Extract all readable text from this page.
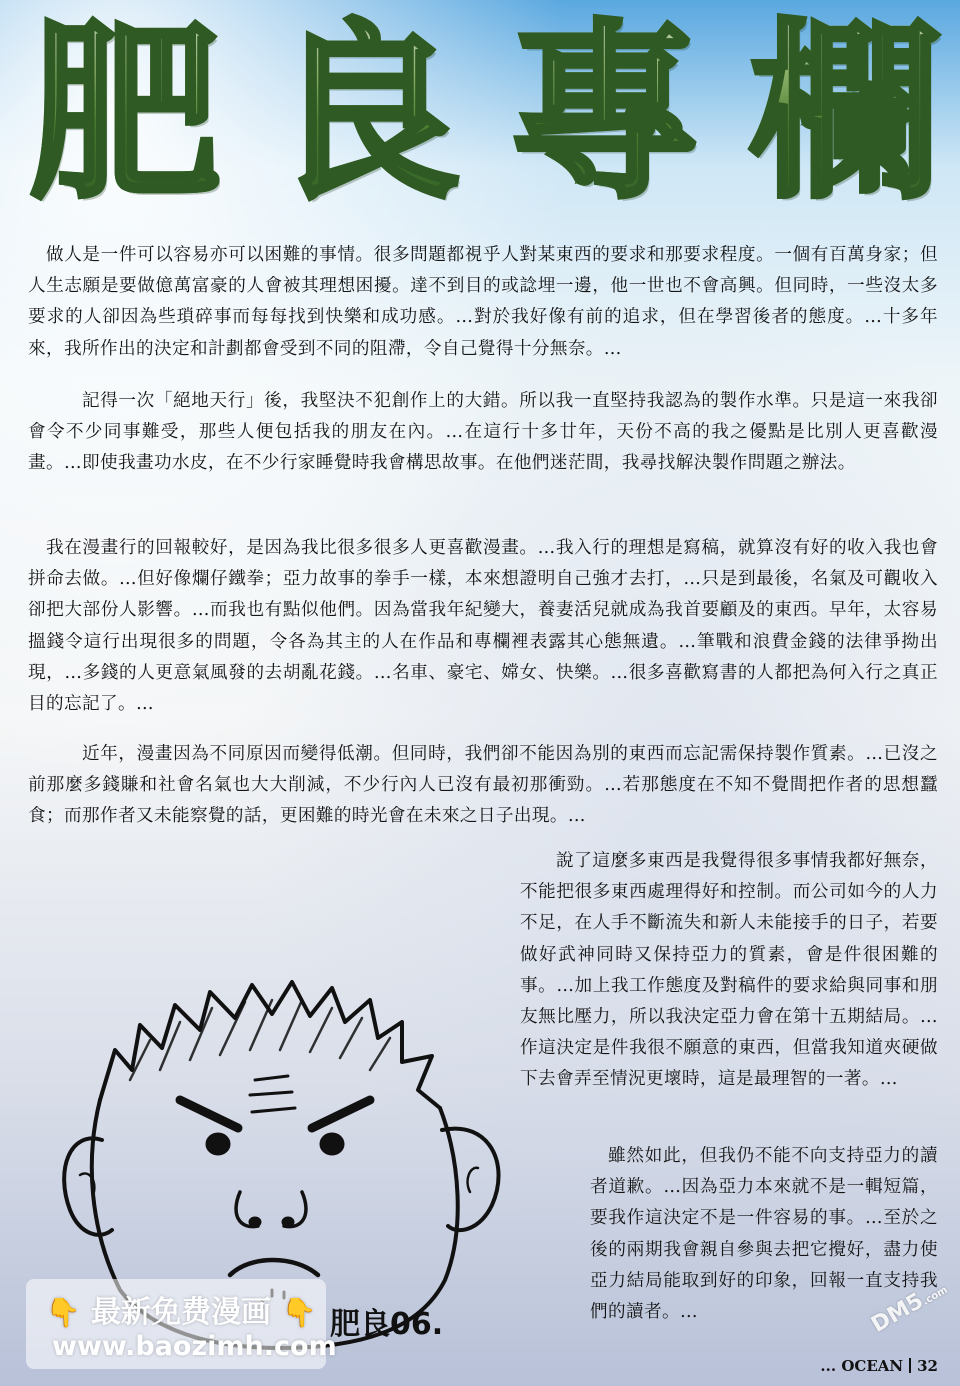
肥 良 專 欄

做人是一件可以容易亦可以困難的事情。很多問題都視乎人對某東西的要求和那要求程度。一個有百萬身家；但人生志願是要做億萬富豪的人會被其理想困擾。達不到目的或諗埋一邊，他一世也不會高興。但同時，一些沒太多要求的人卻因為些瑣碎事而每每找到快樂和成功感。…對於我好像有前的追求，但在學習後者的態度。…十多年來，我所作出的決定和計劃都會受到不同的阻滯，令自己覺得十分無奈。…

記得一次「絕地天行」後，我堅決不犯創作上的大錯。所以我一直堅持我認為的製作水準。只是這一來我卻會令不少同事難受，那些人便包括我的朋友在內。…在這行十多廿年，天份不高的我之優點是比別人更喜歡漫畫。…即使我畫功水皮，在不少行家睡覺時我會構思故事。在他們迷茫間，我尋找解決製作問題之辦法。

我在漫畫行的回報較好，是因為我比很多很多人更喜歡漫畫。…我入行的理想是寫稿，就算沒有好的收入我也會拼命去做。…但好像爛仔鐵拳；亞力故事的拳手一樣，本來想證明自己強才去打，…只是到最後，名氣及可觀收入卻把大部份人影響。…而我也有點似他們。因為當我年紀變大，養妻活兒就成為我首要顧及的東西。早年，太容易搵錢令這行出現很多的問題，令各為其主的人在作品和專欄裡表露其心態無遺。…筆戰和浪費金錢的法律爭拗出現，…多錢的人更意氣風發的去胡亂花錢。…名車、豪宅、嫦女、快樂。…很多喜歡寫書的人都把為何入行之真正目的忘記了。…

近年，漫畫因為不同原因而變得低潮。但同時，我們卻不能因為別的東西而忘記需保持製作質素。…已沒之前那麼多錢賺和社會名氣也大大削減，不少行內人已沒有最初那衝勁。…若那態度在不知不覺間把作者的思想蠶食；而那作者又未能察覺的話，更困難的時光會在未來之日子出現。…

說了這麼多東西是我覺得很多事情我都好無奈，不能把很多東西處理得好和控制。而公司如今的人力不足，在人手不斷流失和新人未能接手的日子，若要做好武神同時又保持亞力的質素，會是件很困難的事。…加上我工作態度及對稿件的要求給與同事和朋友無比壓力，所以我決定亞力會在第十五期結局。…作這決定是件我很不願意的東西，但當我知道夾硬做下去會弄至情況更壞時，這是最理智的一著。…

雖然如此，但我仍不能不向支持亞力的讀者道歉。…因為亞力本來就不是一輯短篇，要我作這決定不是一件容易的事。…至於之後的兩期我會親自參與去把它攪好，盡力使亞力結局能取到好的印象，回報一直支持我們的讀者。…

肥良06.
👇 最新免费漫画 👇
www.baozimh.com
DM5.com
... OCEAN 32
